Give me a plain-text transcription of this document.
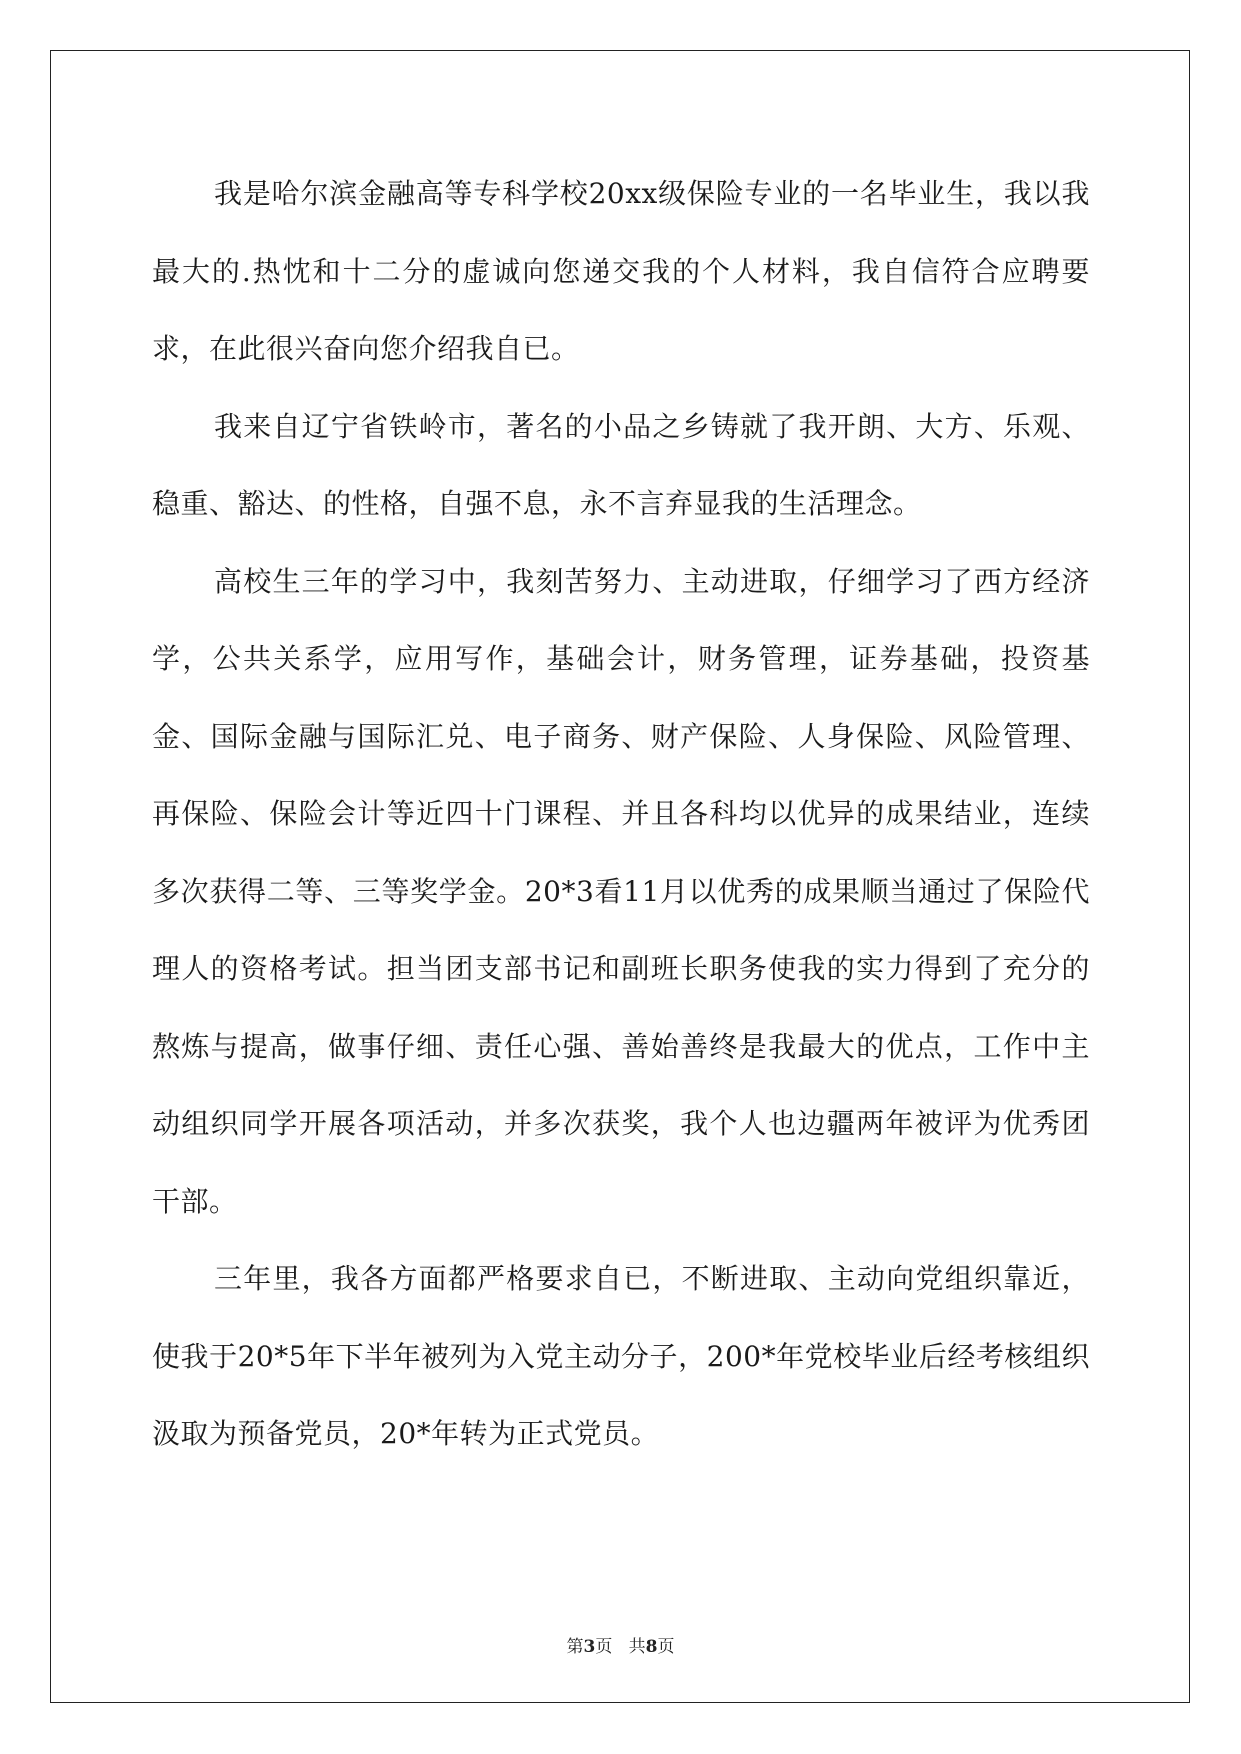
我是哈尔滨金融高等专科学校20xx级保险专业的一名毕业生，我以我最大的.热忱和十二分的虚诚向您递交我的个人材料，我自信符合应聘要求，在此很兴奋向您介绍我自已。

我来自辽宁省铁岭市，著名的小品之乡铸就了我开朗、大方、乐观、稳重、豁达、的性格，自强不息，永不言弃显我的生活理念。

高校生三年的学习中，我刻苦努力、主动进取，仔细学习了西方经济学，公共关系学，应用写作，基础会计，财务管理，证券基础，投资基金、国际金融与国际汇兑、电子商务、财产保险、人身保险、风险管理、再保险、保险会计等近四十门课程、并且各科均以优异的成果结业，连续多次获得二等、三等奖学金。20*3看11月以优秀的成果顺当通过了保险代理人的资格考试。担当团支部书记和副班长职务使我的实力得到了充分的熬炼与提高，做事仔细、责任心强、善始善终是我最大的优点，工作中主动组织同学开展各项活动，并多次获奖，我个人也边疆两年被评为优秀团干部。

三年里，我各方面都严格要求自已，不断进取、主动向党组织靠近，使我于20*5年下半年被列为入党主动分子，200*年党校毕业后经考核组织汲取为预备党员，20*年转为正式党员。

第3页 共8页
